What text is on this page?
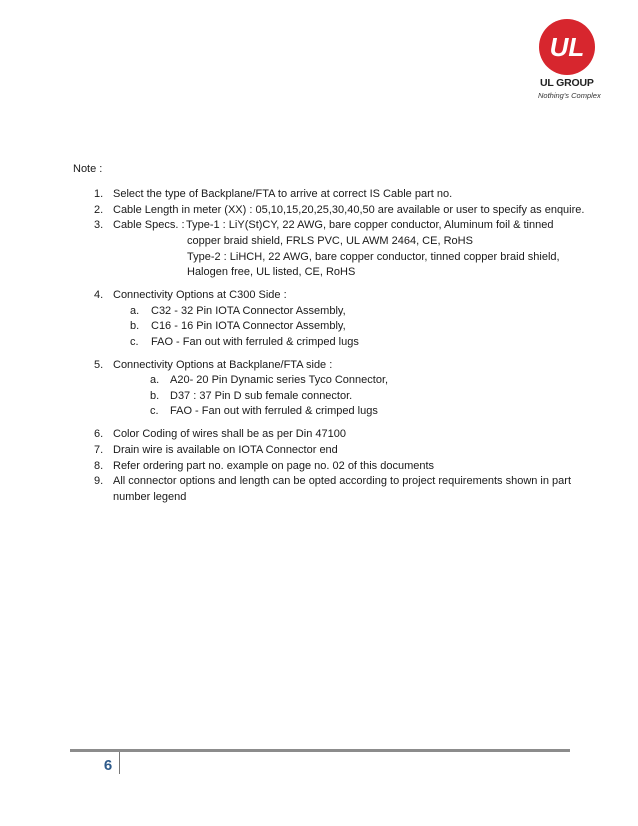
UL
UL GROUP
Nothing's Complex
Note :
1. Select the type of Backplane/FTA to arrive at correct IS Cable part no.
2. Cable Length in meter (XX) : 05,10,15,20,25,30,40,50 are available or user to specify as enquire.
3. Cable Specs. : Type-1 : LiY(St)CY, 22 AWG, bare copper conductor, Aluminum foil & tinned
copper braid shield, FRLS PVC, UL AWM 2464, CE, RoHS
Type-2 : LiHCH, 22 AWG, bare copper conductor, tinned copper braid shield,
Halogen free, UL listed, CE, RoHS
4. Connectivity Options at C300 Side :
a. C32 - 32 Pin IOTA Connector Assembly,
b. C16 - 16 Pin IOTA Connector Assembly,
c. FAO - Fan out with ferruled & crimped lugs
5. Connectivity Options at Backplane/FTA side :
a. A20- 20 Pin Dynamic series Tyco Connector,
b. D37 : 37 Pin D sub female connector.
c. FAO - Fan out with ferruled & crimped lugs
6. Color Coding of wires shall be as per Din 47100
7. Drain wire is available on IOTA Connector end
8. Refer ordering part no. example on page no. 02 of this documents
9. All connector options and length can be opted according to project requirements shown in part
number legend
6
